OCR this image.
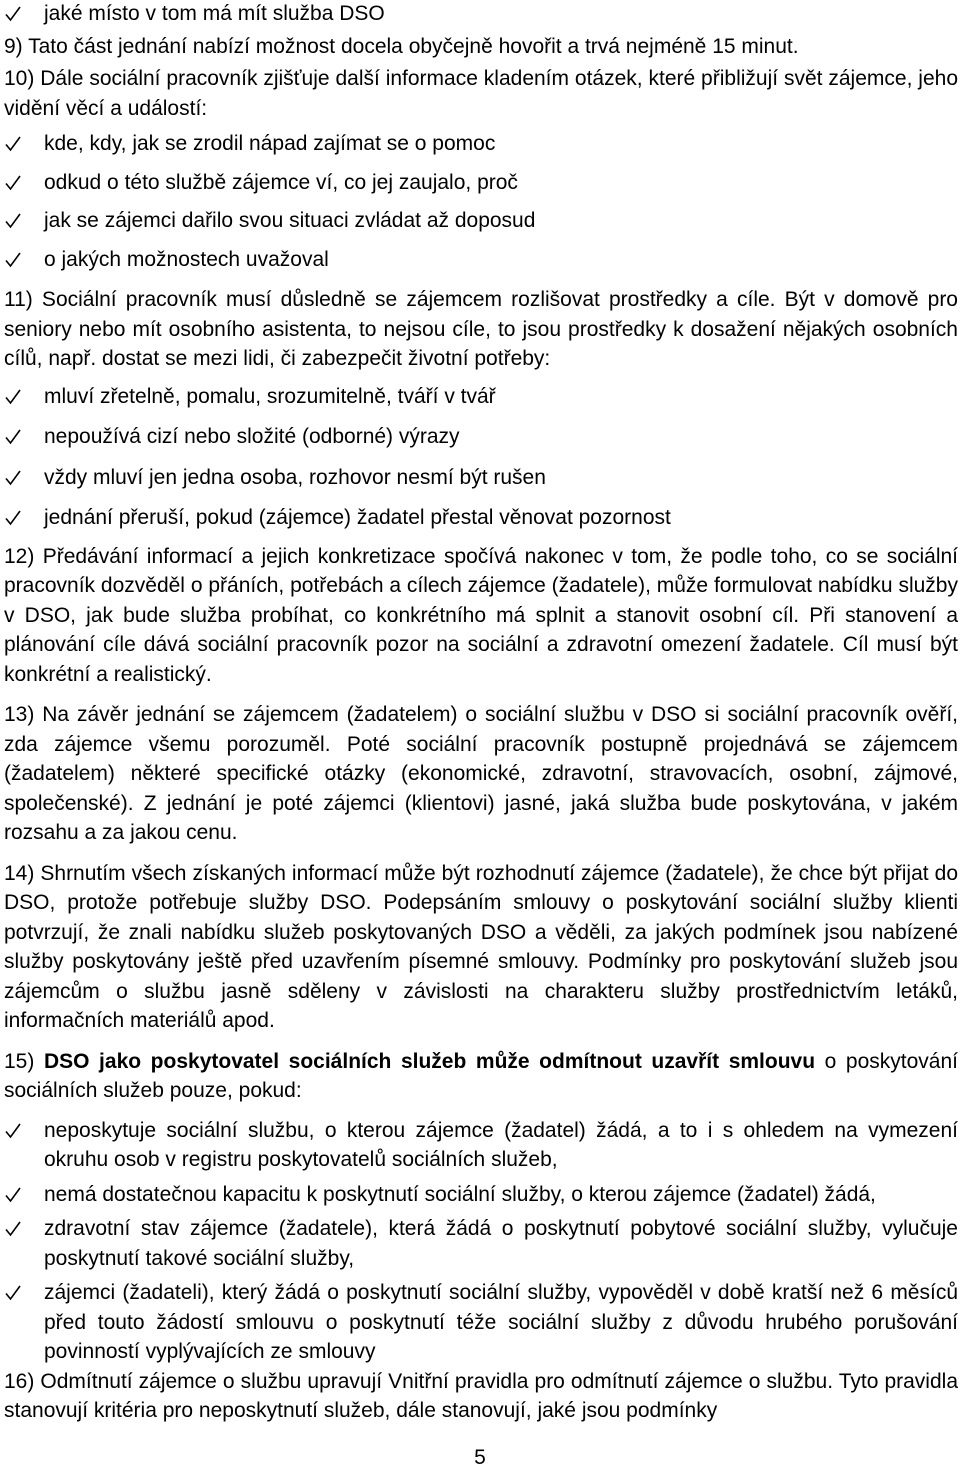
jaké místo v tom má mít služba DSO

9) Tato část jednání nabízí možnost docela obyčejně hovořit a trvá nejméně 15 minut.

10) Dále sociální pracovník zjišťuje další informace kladením otázek, které přibližují svět zájemce, jeho vidění věcí a událostí:

kde, kdy, jak se zrodil nápad zajímat se o pomoc
odkud o této službě zájemce ví, co jej zaujalo, proč
jak se zájemci dařilo svou situaci zvládat až doposud
o jakých možnostech uvažoval

11) Sociální pracovník musí důsledně se zájemcem rozlišovat prostředky a cíle. Být v domově pro seniory nebo mít osobního asistenta, to nejsou cíle, to jsou prostředky k dosažení nějakých osobních cílů, např. dostat se mezi lidi, či zabezpečit životní potřeby:

mluví zřetelně, pomalu, srozumitelně, tváří v tvář
nepoužívá cizí nebo složité (odborné) výrazy
vždy mluví jen jedna osoba, rozhovor nesmí být rušen
jednání přeruší, pokud (zájemce) žadatel přestal věnovat pozornost

12) Předávání informací a jejich konkretizace spočívá nakonec v tom, že podle toho, co se sociální pracovník dozvěděl o přáních, potřebách a cílech zájemce (žadatele), může formulovat nabídku služby v DSO, jak bude služba probíhat, co konkrétního má splnit a stanovit osobní cíl. Při stanovení a plánování cíle dává sociální pracovník pozor na sociální a zdravotní omezení žadatele. Cíl musí být konkrétní a realistický.

13) Na závěr jednání se zájemcem (žadatelem) o sociální službu v DSO si sociální pracovník ověří, zda zájemce všemu porozuměl. Poté sociální pracovník postupně projednává se zájemcem (žadatelem) některé specifické otázky (ekonomické, zdravotní, stravovacích, osobní, zájmové, společenské). Z jednání je poté zájemci (klientovi) jasné, jaká služba bude poskytována, v jakém rozsahu a za jakou cenu.

14) Shrnutím všech získaných informací může být rozhodnutí zájemce (žadatele), že chce být přijat do DSO, protože potřebuje služby DSO. Podepsáním smlouvy o poskytování sociální služby klienti potvrzují, že znali nabídku služeb poskytovaných DSO a věděli, za jakých podmínek jsou nabízené služby poskytovány ještě před uzavřením písemné smlouvy. Podmínky pro poskytování služeb jsou zájemcům o službu jasně sděleny v závislosti na charakteru služby prostřednictvím letáků, informačních materiálů apod.

15) DSO jako poskytovatel sociálních služeb může odmítnout uzavřít smlouvu o poskytování sociálních služeb pouze, pokud:

neposkytuje sociální službu, o kterou zájemce (žadatel) žádá, a to i s ohledem na vymezení okruhu osob v registru poskytovatelů sociálních služeb,
nemá dostatečnou kapacitu k poskytnutí sociální služby, o kterou zájemce (žadatel) žádá,
zdravotní stav zájemce (žadatele), která žádá o poskytnutí pobytové sociální služby, vylučuje poskytnutí takové sociální služby,
zájemci (žadateli), který žádá o poskytnutí sociální služby, vypověděl v době kratší než 6 měsíců před touto žádostí smlouvu o poskytnutí téže sociální služby z důvodu hrubého porušování povinností vyplývajících ze smlouvy

16) Odmítnutí zájemce o službu upravují Vnitřní pravidla pro odmítnutí zájemce o službu. Tyto pravidla stanovují kritéria pro neposkytnutí služeb, dále stanovují, jaké jsou podmínky

5
